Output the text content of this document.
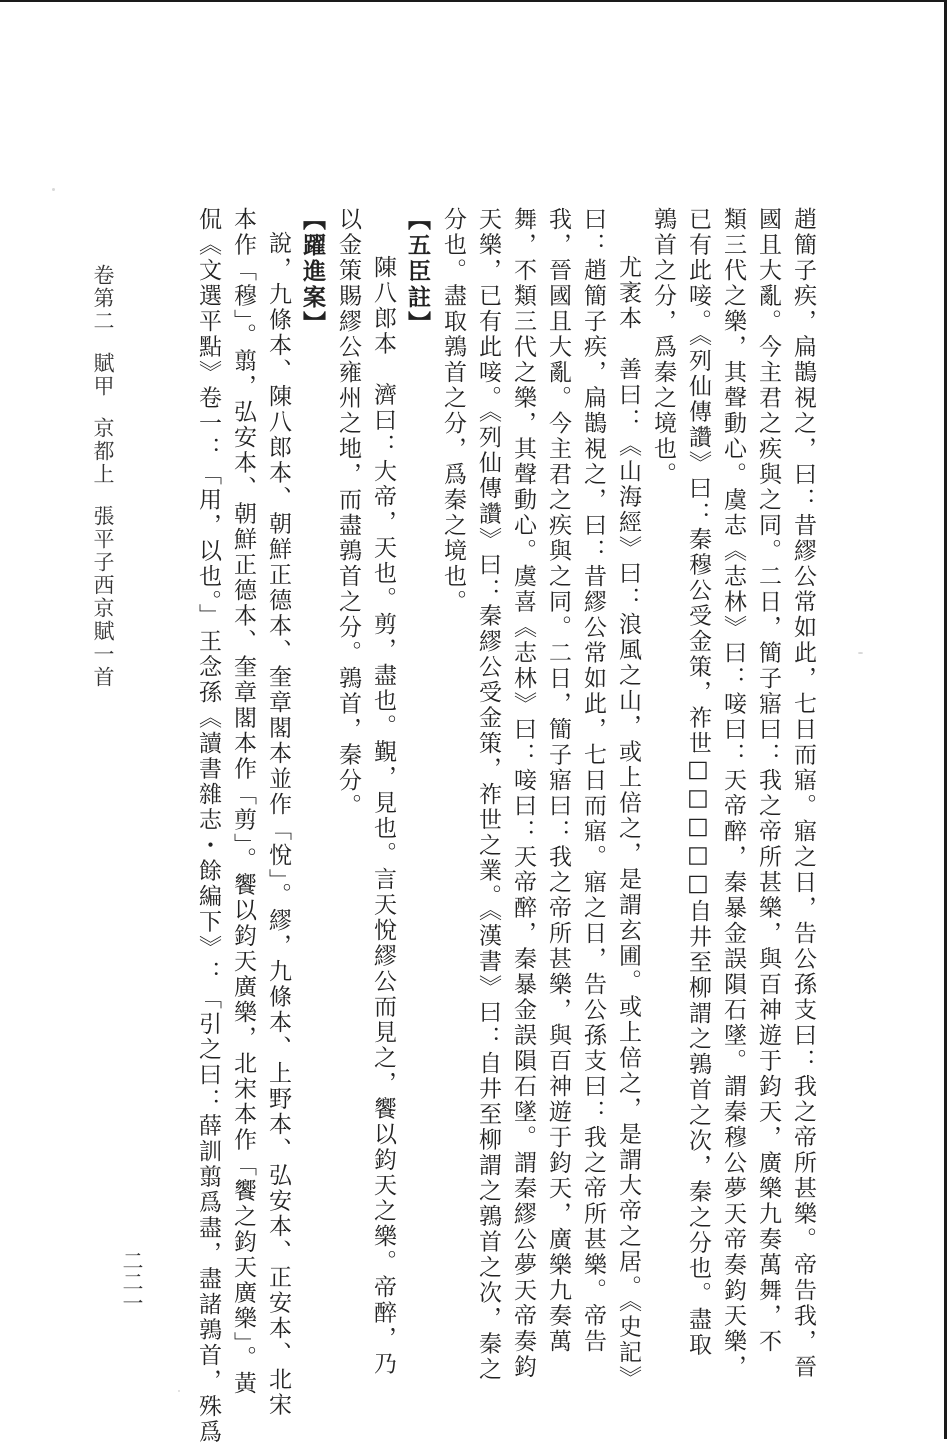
趙簡子疾，扁鵲視之，曰：昔繆公常如此，七日而寤。寤之日，告公孫支曰：我之帝所甚樂。帝告我，晉
國且大亂。今主君之疾與之同。二日，簡子寤曰：我之帝所甚樂，與百神遊于鈞天，廣樂九奏萬舞，不
類三代之樂，其聲動心。虞志《志林》曰：唼曰：天帝醉，秦暴金誤隕石墜。謂秦穆公夢天帝奏鈞天樂，
已有此唼。《列仙傳讚》曰：秦穆公受金策，祚世□□□□□自井至柳謂之鶉首之次，秦之分也。盡取
鶉首之分，爲秦之境也。
尤袤本　善曰：《山海經》曰：浪風之山，或上倍之，是謂玄圃。或上倍之，是謂大帝之居。《史記》
曰：趙簡子疾，扁鵲視之，曰：昔繆公常如此，七日而寤。寤之日，告公孫支曰：我之帝所甚樂。帝告
我，晉國且大亂。今主君之疾與之同。二日，簡子寤曰：我之帝所甚樂，與百神遊于鈞天，廣樂九奏萬
舞，不類三代之樂，其聲動心。虞喜《志林》曰：唼曰：天帝醉，秦暴金誤隕石墜。謂秦繆公夢天帝奏鈞
天樂，已有此唼。《列仙傳讚》曰：秦繆公受金策，祚世之業。《漢書》曰：自井至柳謂之鶉首之次，秦之
分也。盡取鶉首之分，爲秦之境也。
【五臣註】
陳八郎本　濟曰：大帝，天也。剪，盡也。覲，見也。言天悅繆公而見之，饗以鈞天之樂。帝醉，乃
以金策賜繆公雍州之地，而盡鶉首之分。鶉首，秦分。
【躍進案】
說，九條本、陳八郎本、朝鮮正德本、奎章閣本並作「悅」。繆，九條本、上野本、弘安本、正安本、北宋
本作「穆」。翦，弘安本、朝鮮正德本、奎章閣本作「剪」。饗以鈞天廣樂，北宋本作「饗之鈞天廣樂」。黃
侃《文選平點》卷一：「用，以也。」王念孫《讀書雜志・餘編下》：「引之曰：薛訓翦爲盡，盡諸鶉首，殊爲
卷第二賦甲京都上張平子西京賦一首
二二一
